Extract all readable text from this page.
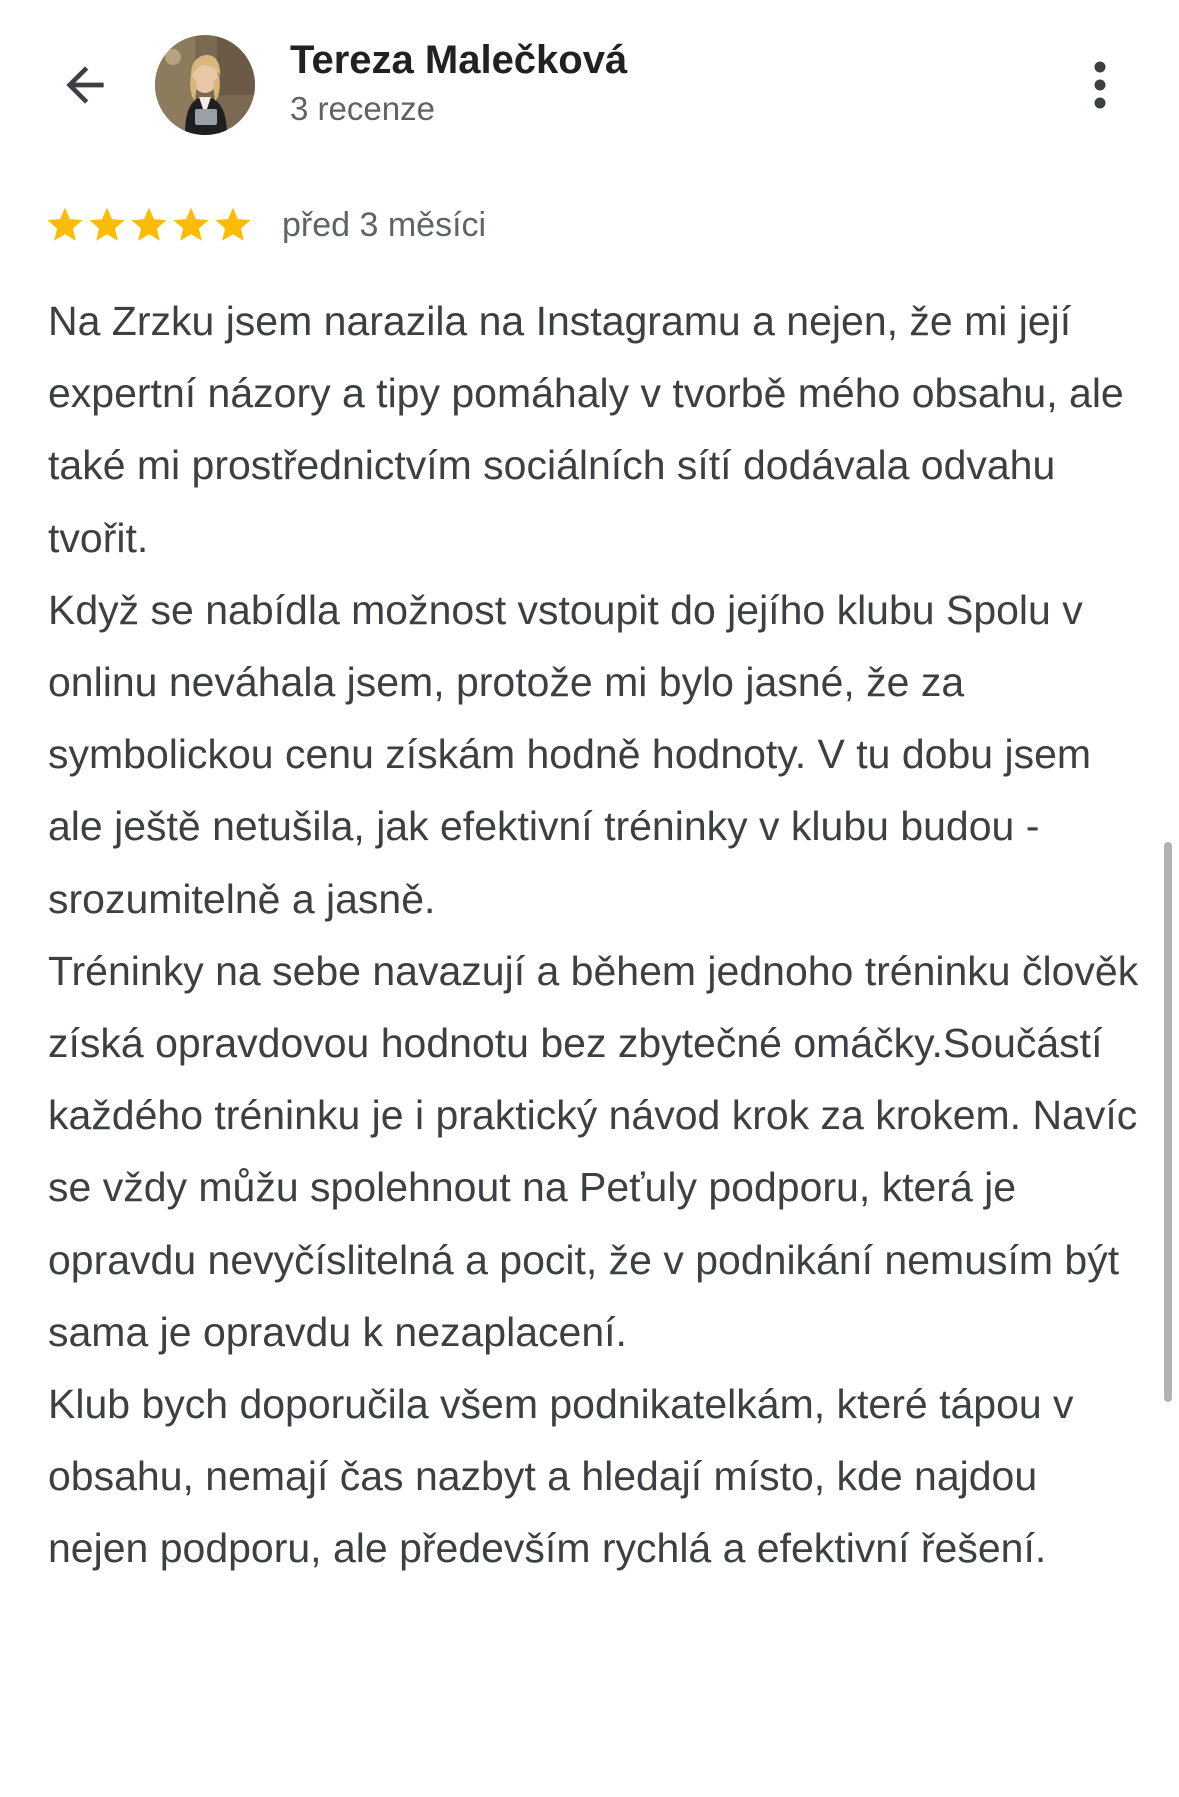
Tereza Malečková
3 recenze
před 3 měsíci

Na Zrzku jsem narazila na Instagramu a nejen, že mi její expertní názory a tipy pomáhaly v tvorbě mého obsahu, ale také mi prostřednictvím sociálních sítí dodávala odvahu tvořit.
Když se nabídla možnost vstoupit do jejího klubu Spolu v onlinu neváhala jsem, protože mi bylo jasné, že za symbolickou cenu získám hodně hodnoty. V tu dobu jsem ale ještě netušila, jak efektivní tréninky v klubu budou - srozumitelně a jasně.
Tréninky na sebe navazují a během jednoho tréninku člověk získá opravdovou hodnotu bez zbytečné omáčky.Součástí každého tréninku je i praktický návod krok za krokem. Navíc se vždy můžu spolehnout na Peťuly podporu, která je opravdu nevyčíslitelná a pocit, že v podnikání nemusím být sama je opravdu k nezaplacení.
Klub bych doporučila všem podnikatelkám, které tápou v obsahu, nemají čas nazbyt a hledají místo, kde najdou nejen podporu, ale především rychlá a efektivní řešení.
